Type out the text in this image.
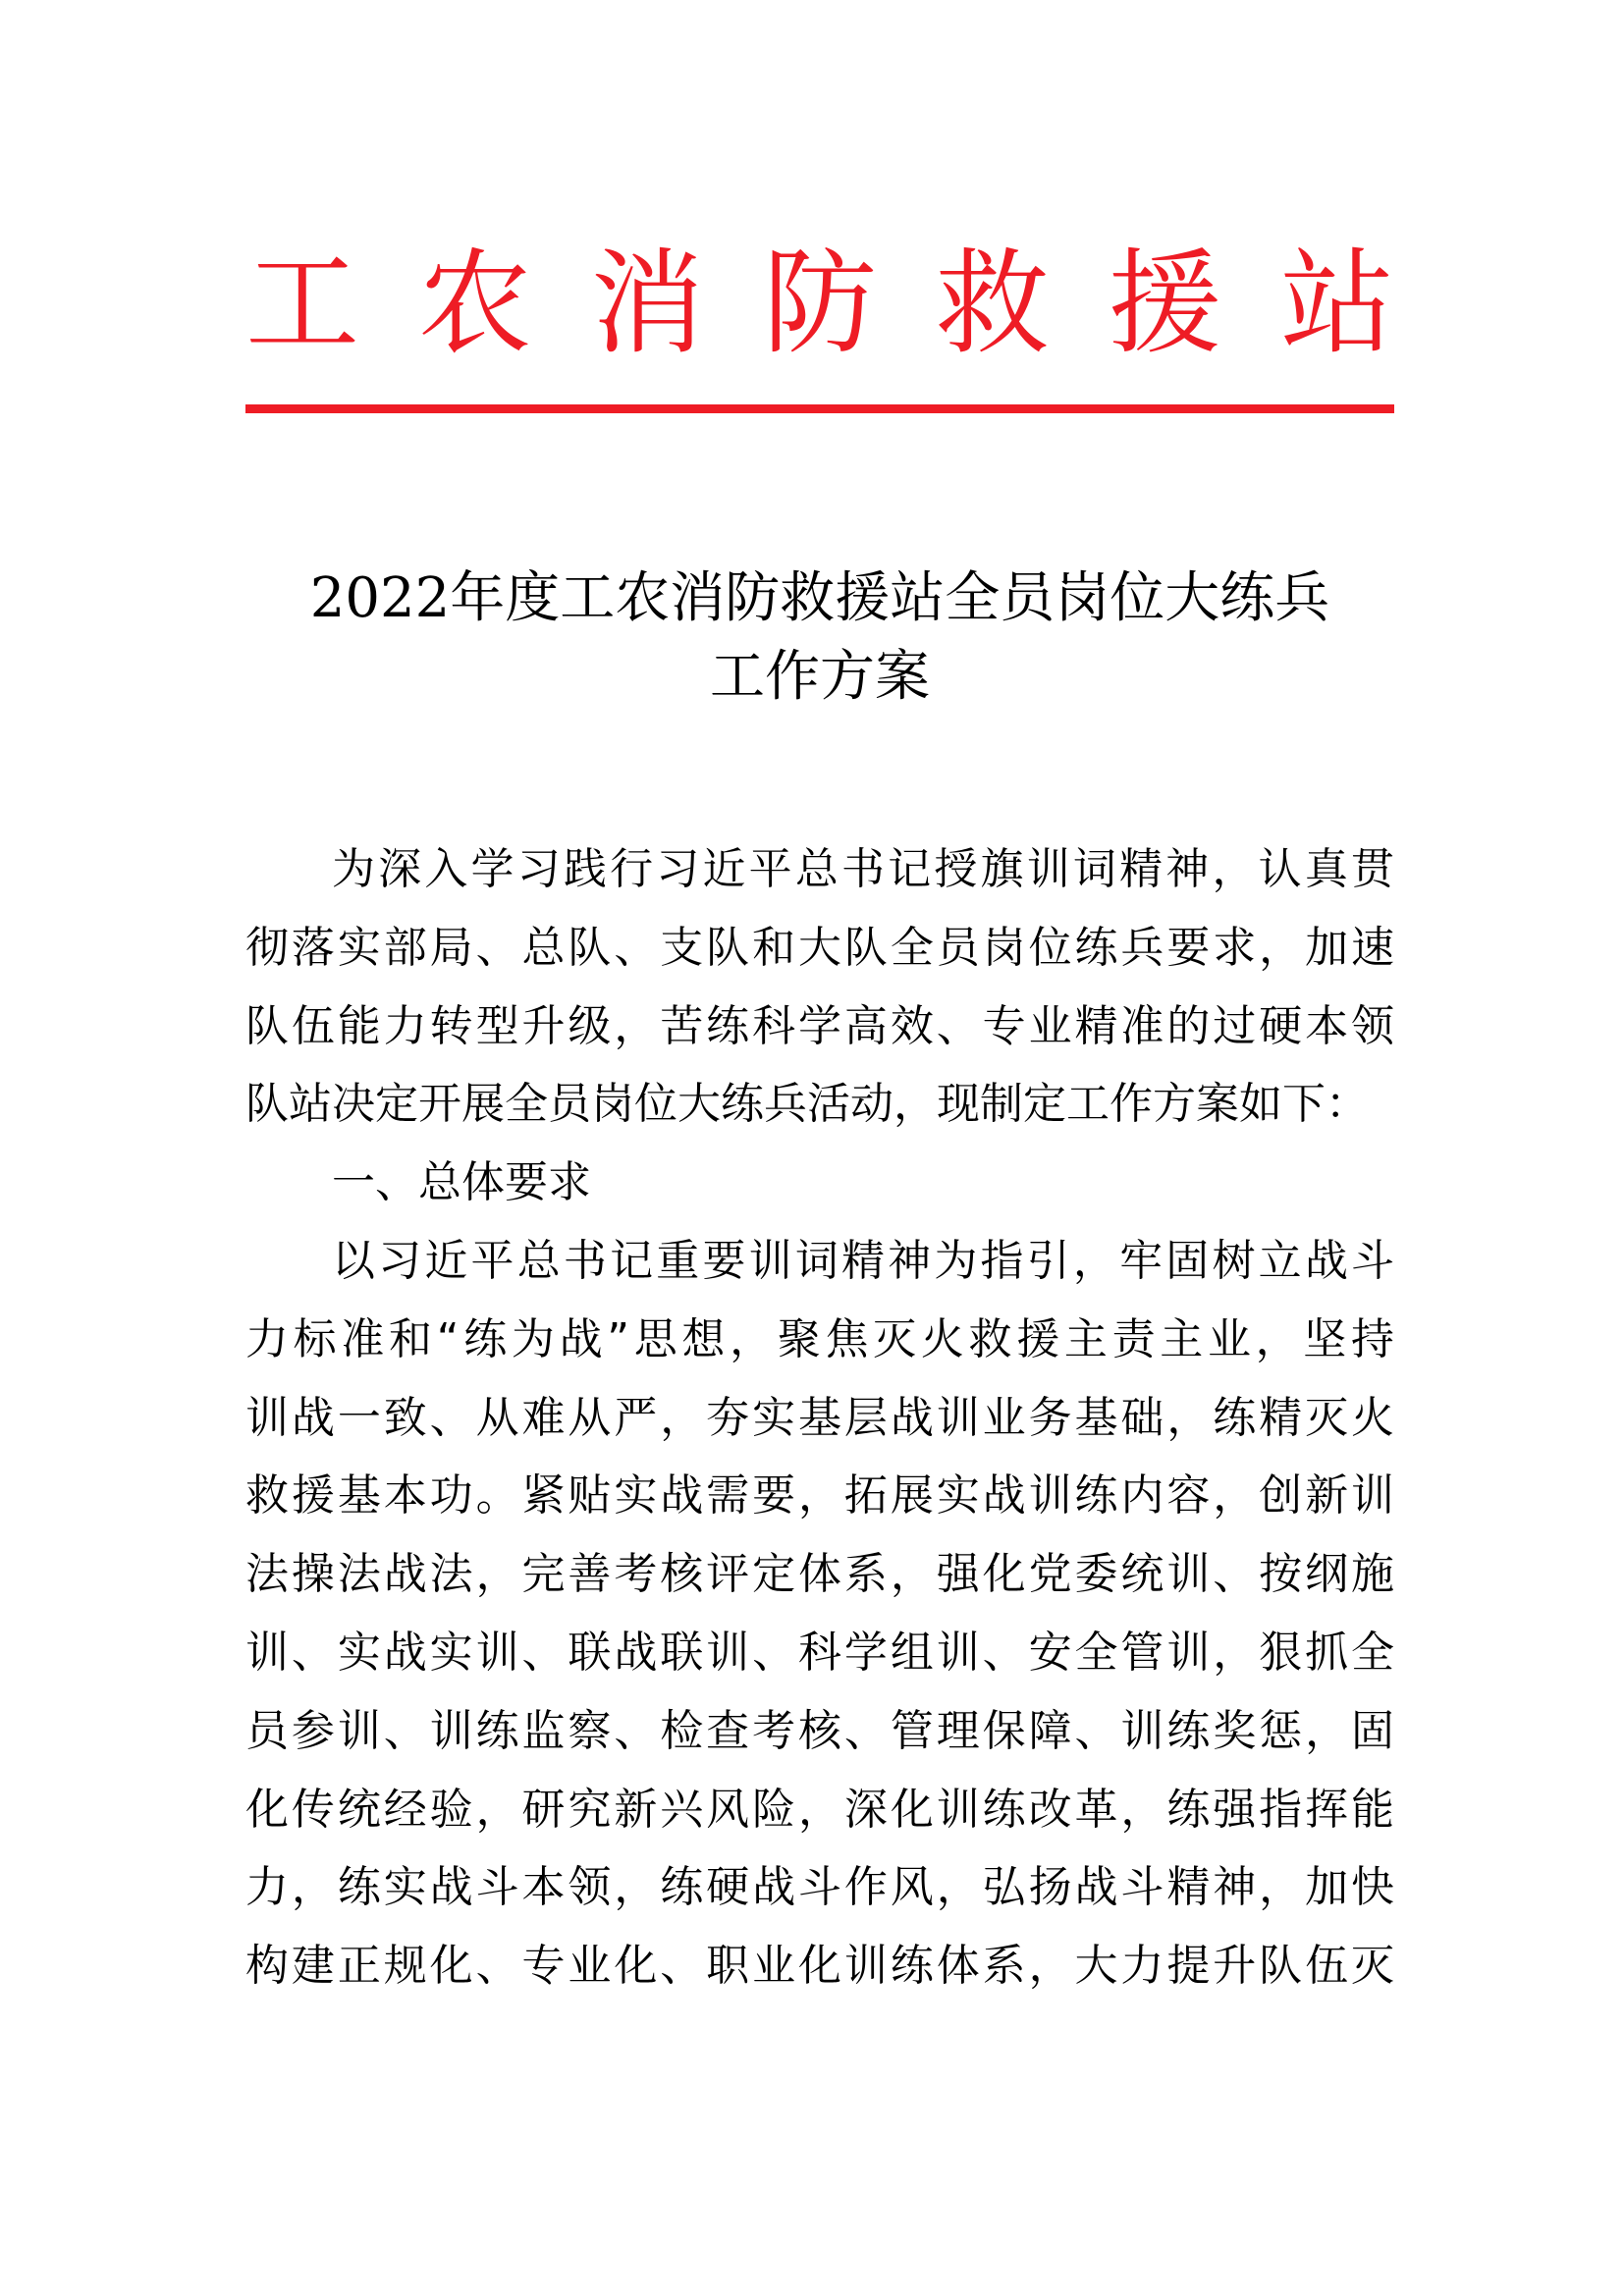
工 农 消 防 救 援 站
2022年度工农消防救援站全员岗位大练兵
工作方案
为深入学习践行习近平总书记授旗训词精神，认真贯
彻落实部局、总队、支队和大队全员岗位练兵要求，加速
队伍能力转型升级，苦练科学高效、专业精准的过硬本领
队站决定开展全员岗位大练兵活动，现制定工作方案如下：
一、总体要求
以习近平总书记重要训词精神为指引，牢固树立战斗
力标准和“练为战”思想，聚焦灭火救援主责主业，坚持
训战一致、从难从严，夯实基层战训业务基础，练精灭火
救援基本功。紧贴实战需要，拓展实战训练内容，创新训
法操法战法，完善考核评定体系，强化党委统训、按纲施
训、实战实训、联战联训、科学组训、安全管训，狠抓全
员参训、训练监察、检查考核、管理保障、训练奖惩，固
化传统经验，研究新兴风险，深化训练改革，练强指挥能
力，练实战斗本领，练硬战斗作风，弘扬战斗精神，加快
构建正规化、专业化、职业化训练体系，大力提升队伍灭
